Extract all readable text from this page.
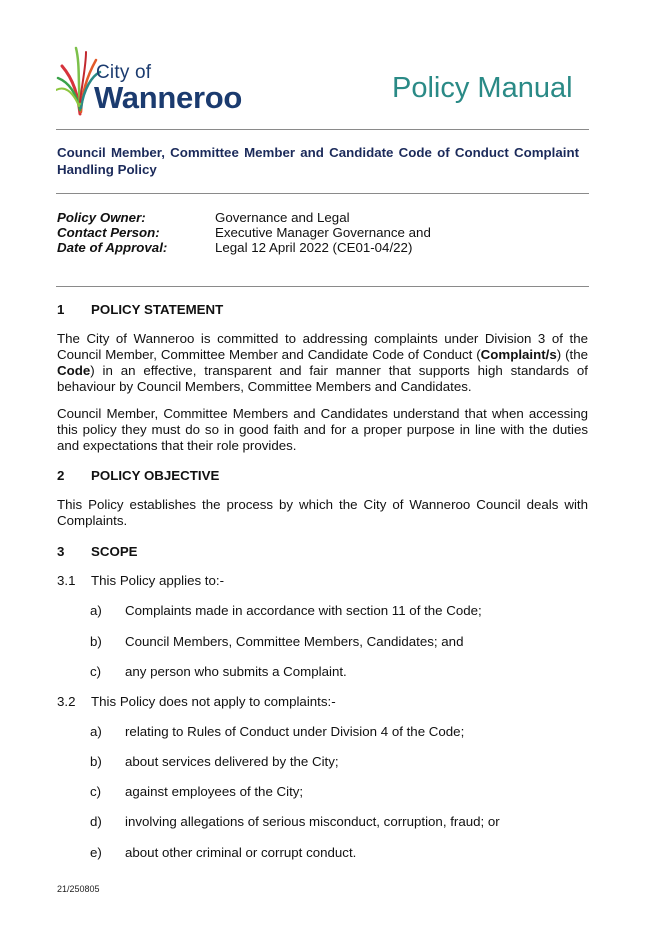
City of
Wanneroo	Policy Manual
Council Member, Committee Member and Candidate Code of Conduct Complaint Handling Policy
Policy Owner:	Governance and Legal
Contact Person:	Executive Manager Governance and
Date of Approval:	Legal 12 April 2022 (CE01-04/22)
1 POLICY STATEMENT
The City of Wanneroo is committed to addressing complaints under Division 3 of the Council Member, Committee Member and Candidate Code of Conduct (Complaint/s) (the Code) in an effective, transparent and fair manner that supports high standards of behaviour by Council Members, Committee Members and Candidates.
Council Member, Committee Members and Candidates understand that when accessing this policy they must do so in good faith and for a proper purpose in line with the duties and expectations that their role provides.
2 POLICY OBJECTIVE
This Policy establishes the process by which the City of Wanneroo Council deals with Complaints.
3 SCOPE
3.1 This Policy applies to:-
a) Complaints made in accordance with section 11 of the Code;
b) Council Members, Committee Members, Candidates; and
c) any person who submits a Complaint.
3.2 This Policy does not apply to complaints:-
a) relating to Rules of Conduct under Division 4 of the Code;
b) about services delivered by the City;
c) against employees of the City;
d) involving allegations of serious misconduct, corruption, fraud; or
e) about other criminal or corrupt conduct.
21/250805
